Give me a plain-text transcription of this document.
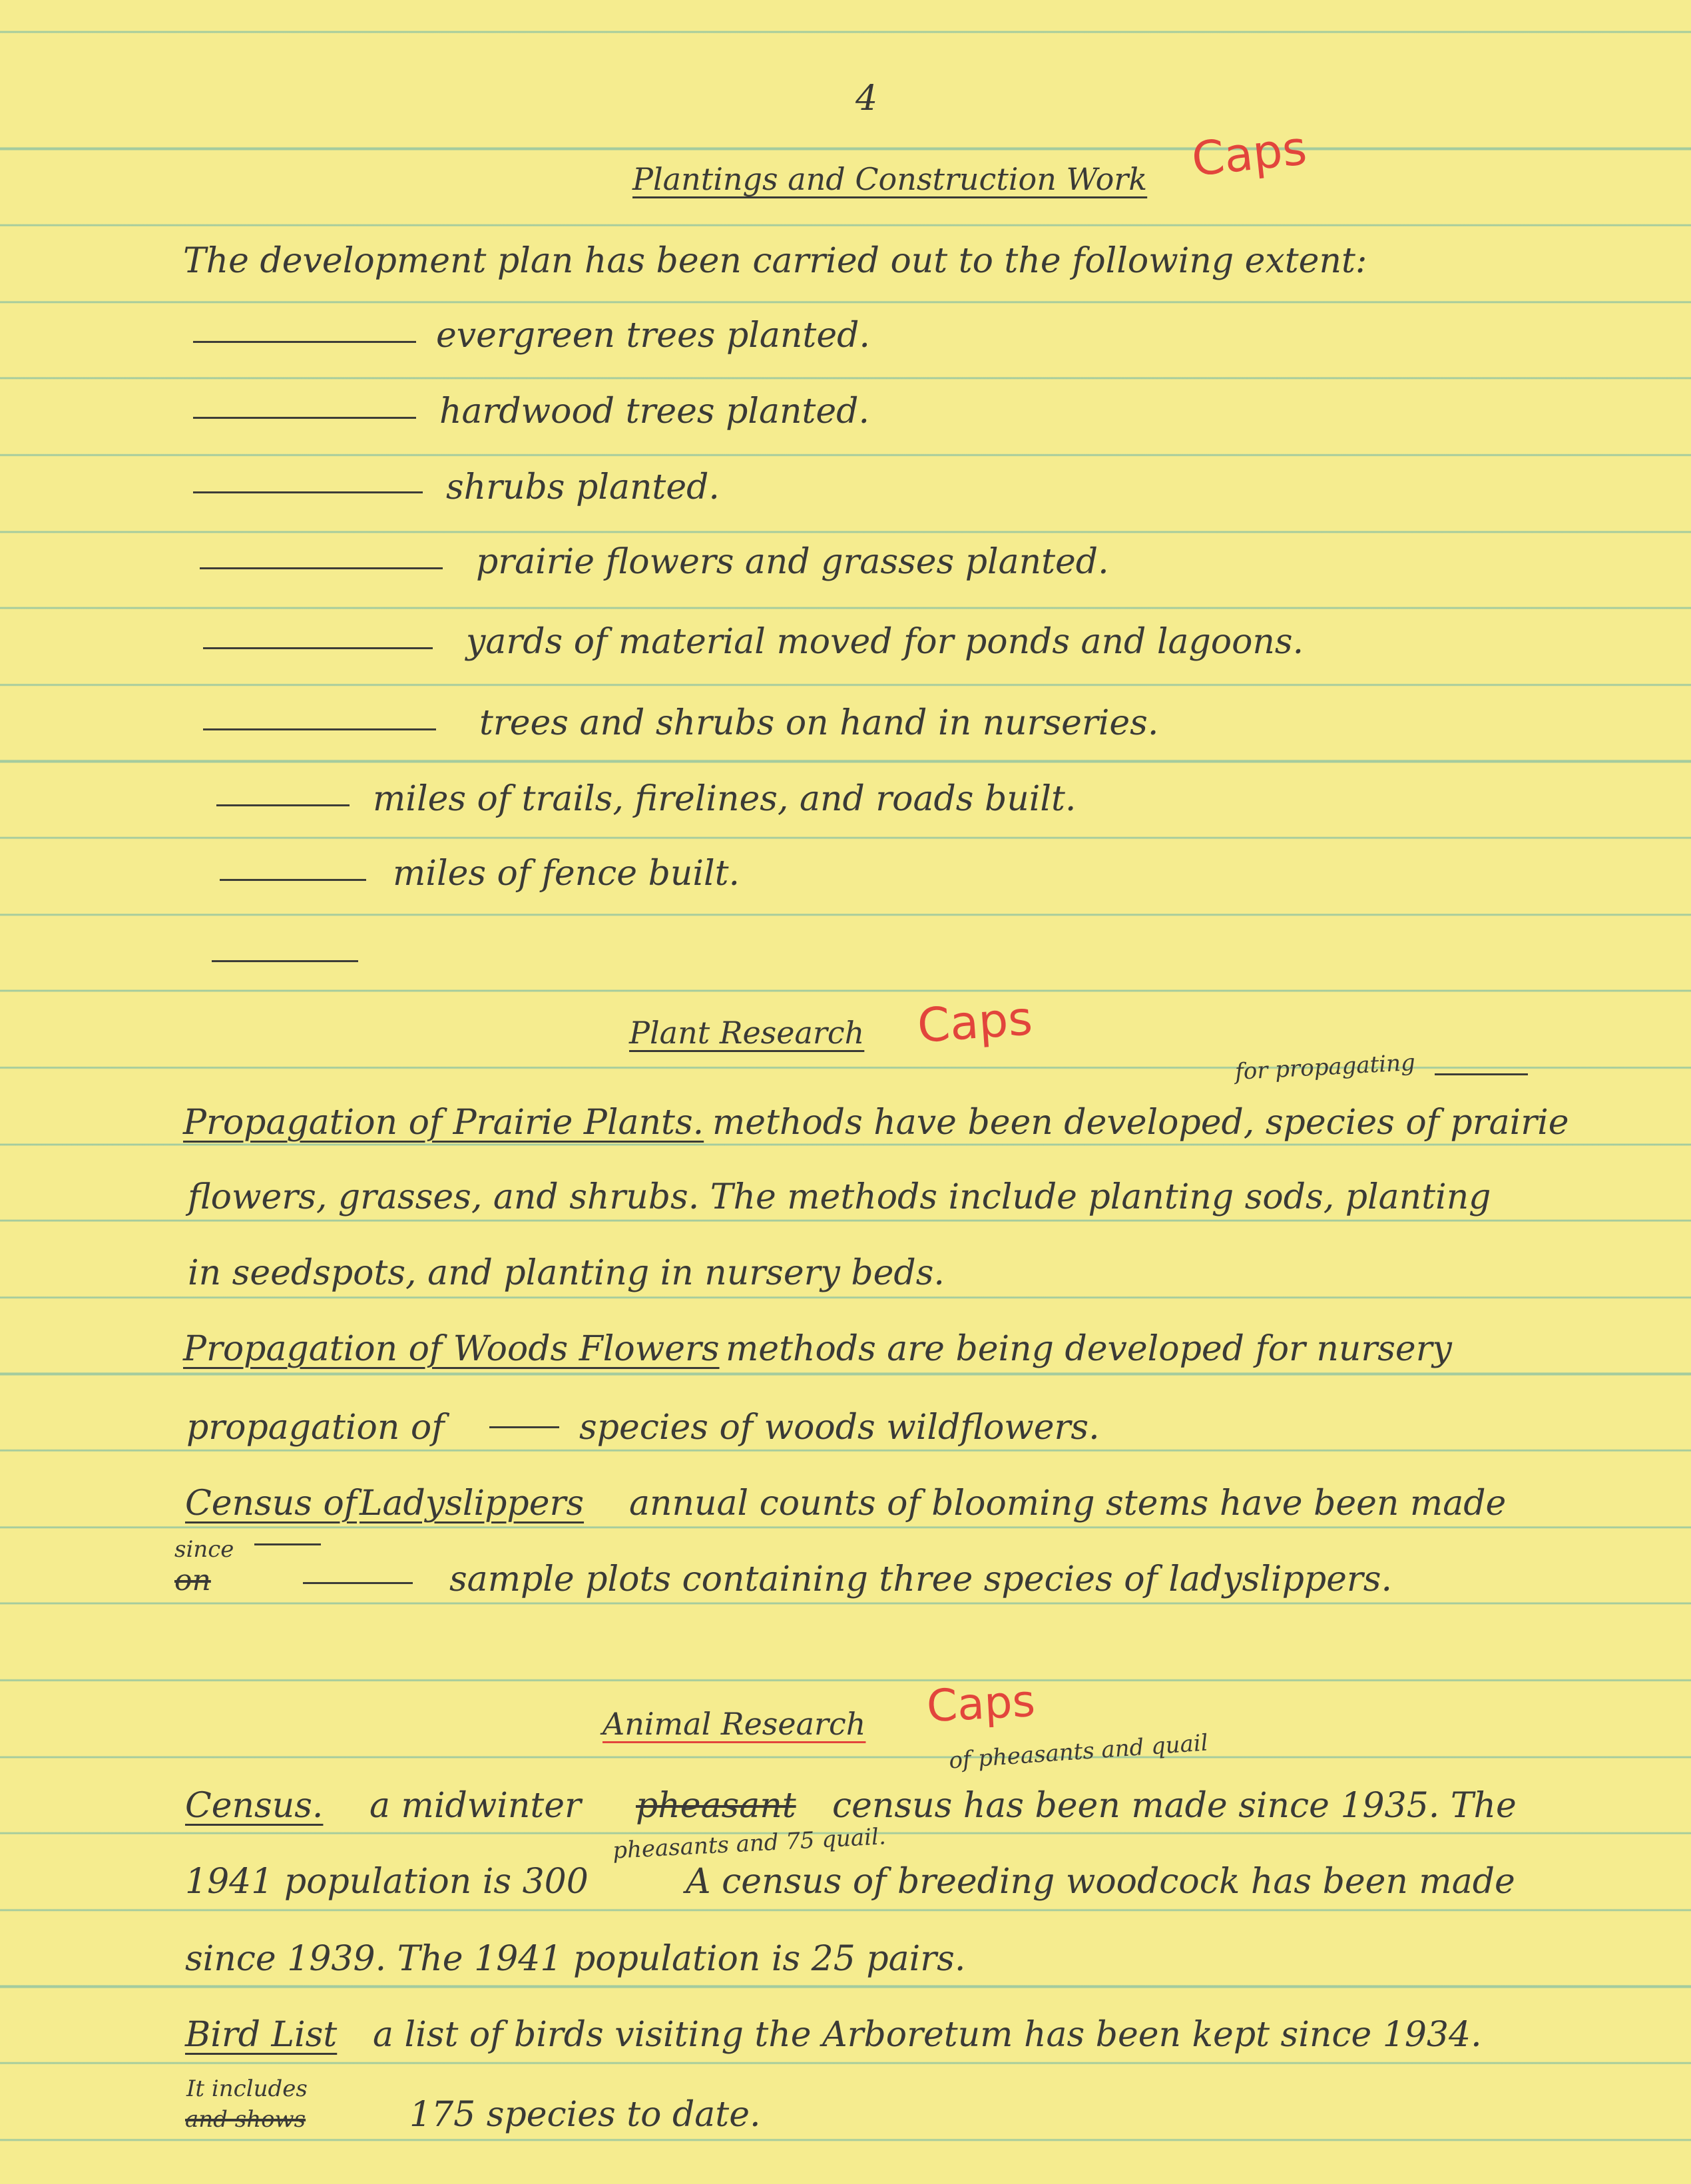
4
Plantings and Construction Work Caps
The development plan has been carried out to the following extent:
evergreen trees planted.
hardwood trees planted.
shrubs planted.
prairie flowers and grasses planted.
yards of material moved for ponds and lagoons.
trees and shrubs on hand in nurseries.
miles of trails, firelines, and roads built.
miles of fence built.
Plant Research Caps
for propagating
Propagation of Prairie Plants. methods have been developed, species of prairie
flowers, grasses, and shrubs. The methods include planting sods, planting
in seedspots, and planting in nursery beds.
Propagation of Woods Flowers methods are being developed for nursery
propagation of	species of woods wildflowers.
Census of Ladyslippers annual counts of blooming stems have been made
since
on	sample plots containing three species of ladyslippers.
Animal Research Caps
of pheasants and quail
Census. a midwinter pheasant census has been made since 1935. The
1941 population is 300
pheasants and 75 quail.
A census of breeding woodcock has been made
since 1939. The 1941 population is 25 pairs.
Bird List a list of birds visiting the Arboretum has been kept since 1934.
It includes
and shows	175 species to date.
